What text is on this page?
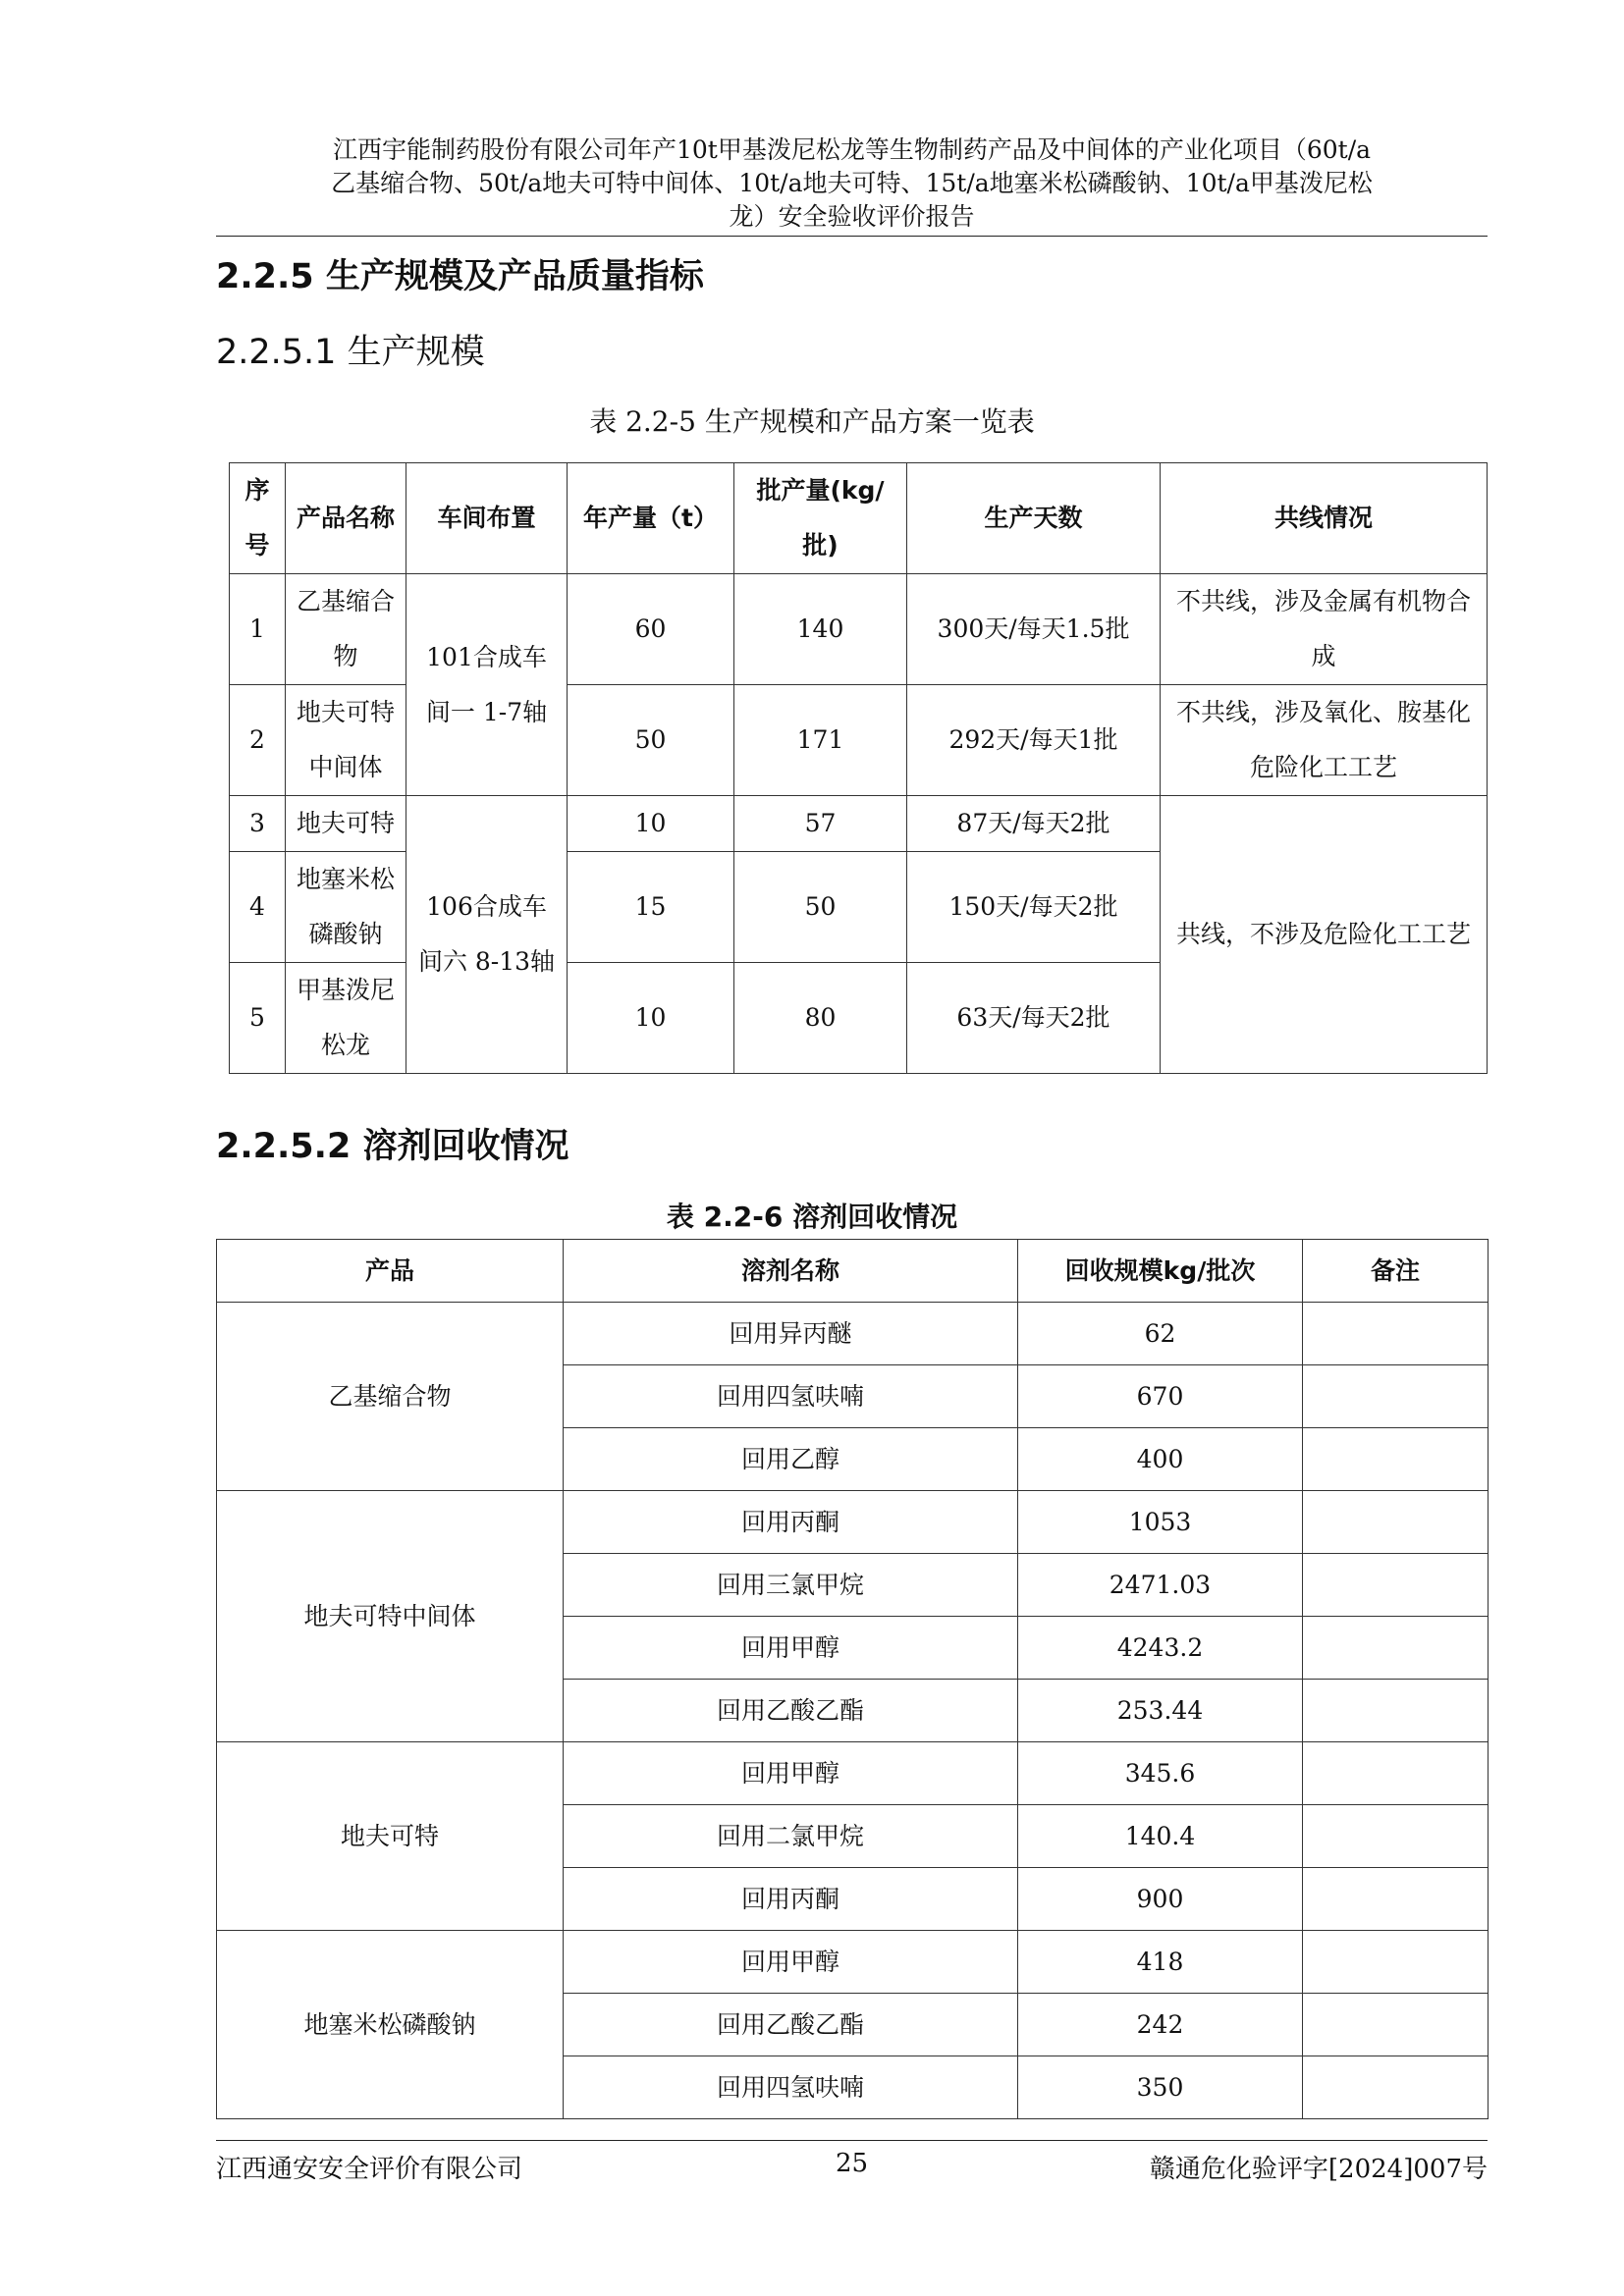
江西宇能制药股份有限公司年产10t甲基泼尼松龙等生物制药产品及中间体的产业化项目（60t/a
乙基缩合物、50t/a地夫可特中间体、10t/a地夫可特、15t/a地塞米松磷酸钠、10t/a甲基泼尼松
龙）安全验收评价报告
2.2.5 生产规模及产品质量指标
2.2.5.1 生产规模
表 2.2-5 生产规模和产品方案一览表
序号	产品名称	车间布置	年产量（t）	批产量(kg/批)	生产天数	共线情况
1	乙基缩合物	101合成车间一 1-7轴	60	140	300天/每天1.5批	不共线，涉及金属有机物合成
2	地夫可特中间体		50	171	292天/每天1批	不共线，涉及氧化、胺基化危险化工工艺
3	地夫可特	106合成车间六 8-13轴	10	57	87天/每天2批	共线，不涉及危险化工工艺
4	地塞米松磷酸钠		15	50	150天/每天2批	
5	甲基泼尼松龙		10	80	63天/每天2批	
2.2.5.2 溶剂回收情况
表 2.2-6 溶剂回收情况
产品	溶剂名称	回收规模kg/批次	备注
乙基缩合物	回用异丙醚	62	
	回用四氢呋喃	670	
	回用乙醇	400	
地夫可特中间体	回用丙酮	1053	
	回用三氯甲烷	2471.03	
	回用甲醇	4243.2	
	回用乙酸乙酯	253.44	
地夫可特	回用甲醇	345.6	
	回用二氯甲烷	140.4	
	回用丙酮	900	
地塞米松磷酸钠	回用甲醇	418	
	回用乙酸乙酯	242	
	回用四氢呋喃	350	
江西通安安全评价有限公司	25	赣通危化验评字[2024]007号
